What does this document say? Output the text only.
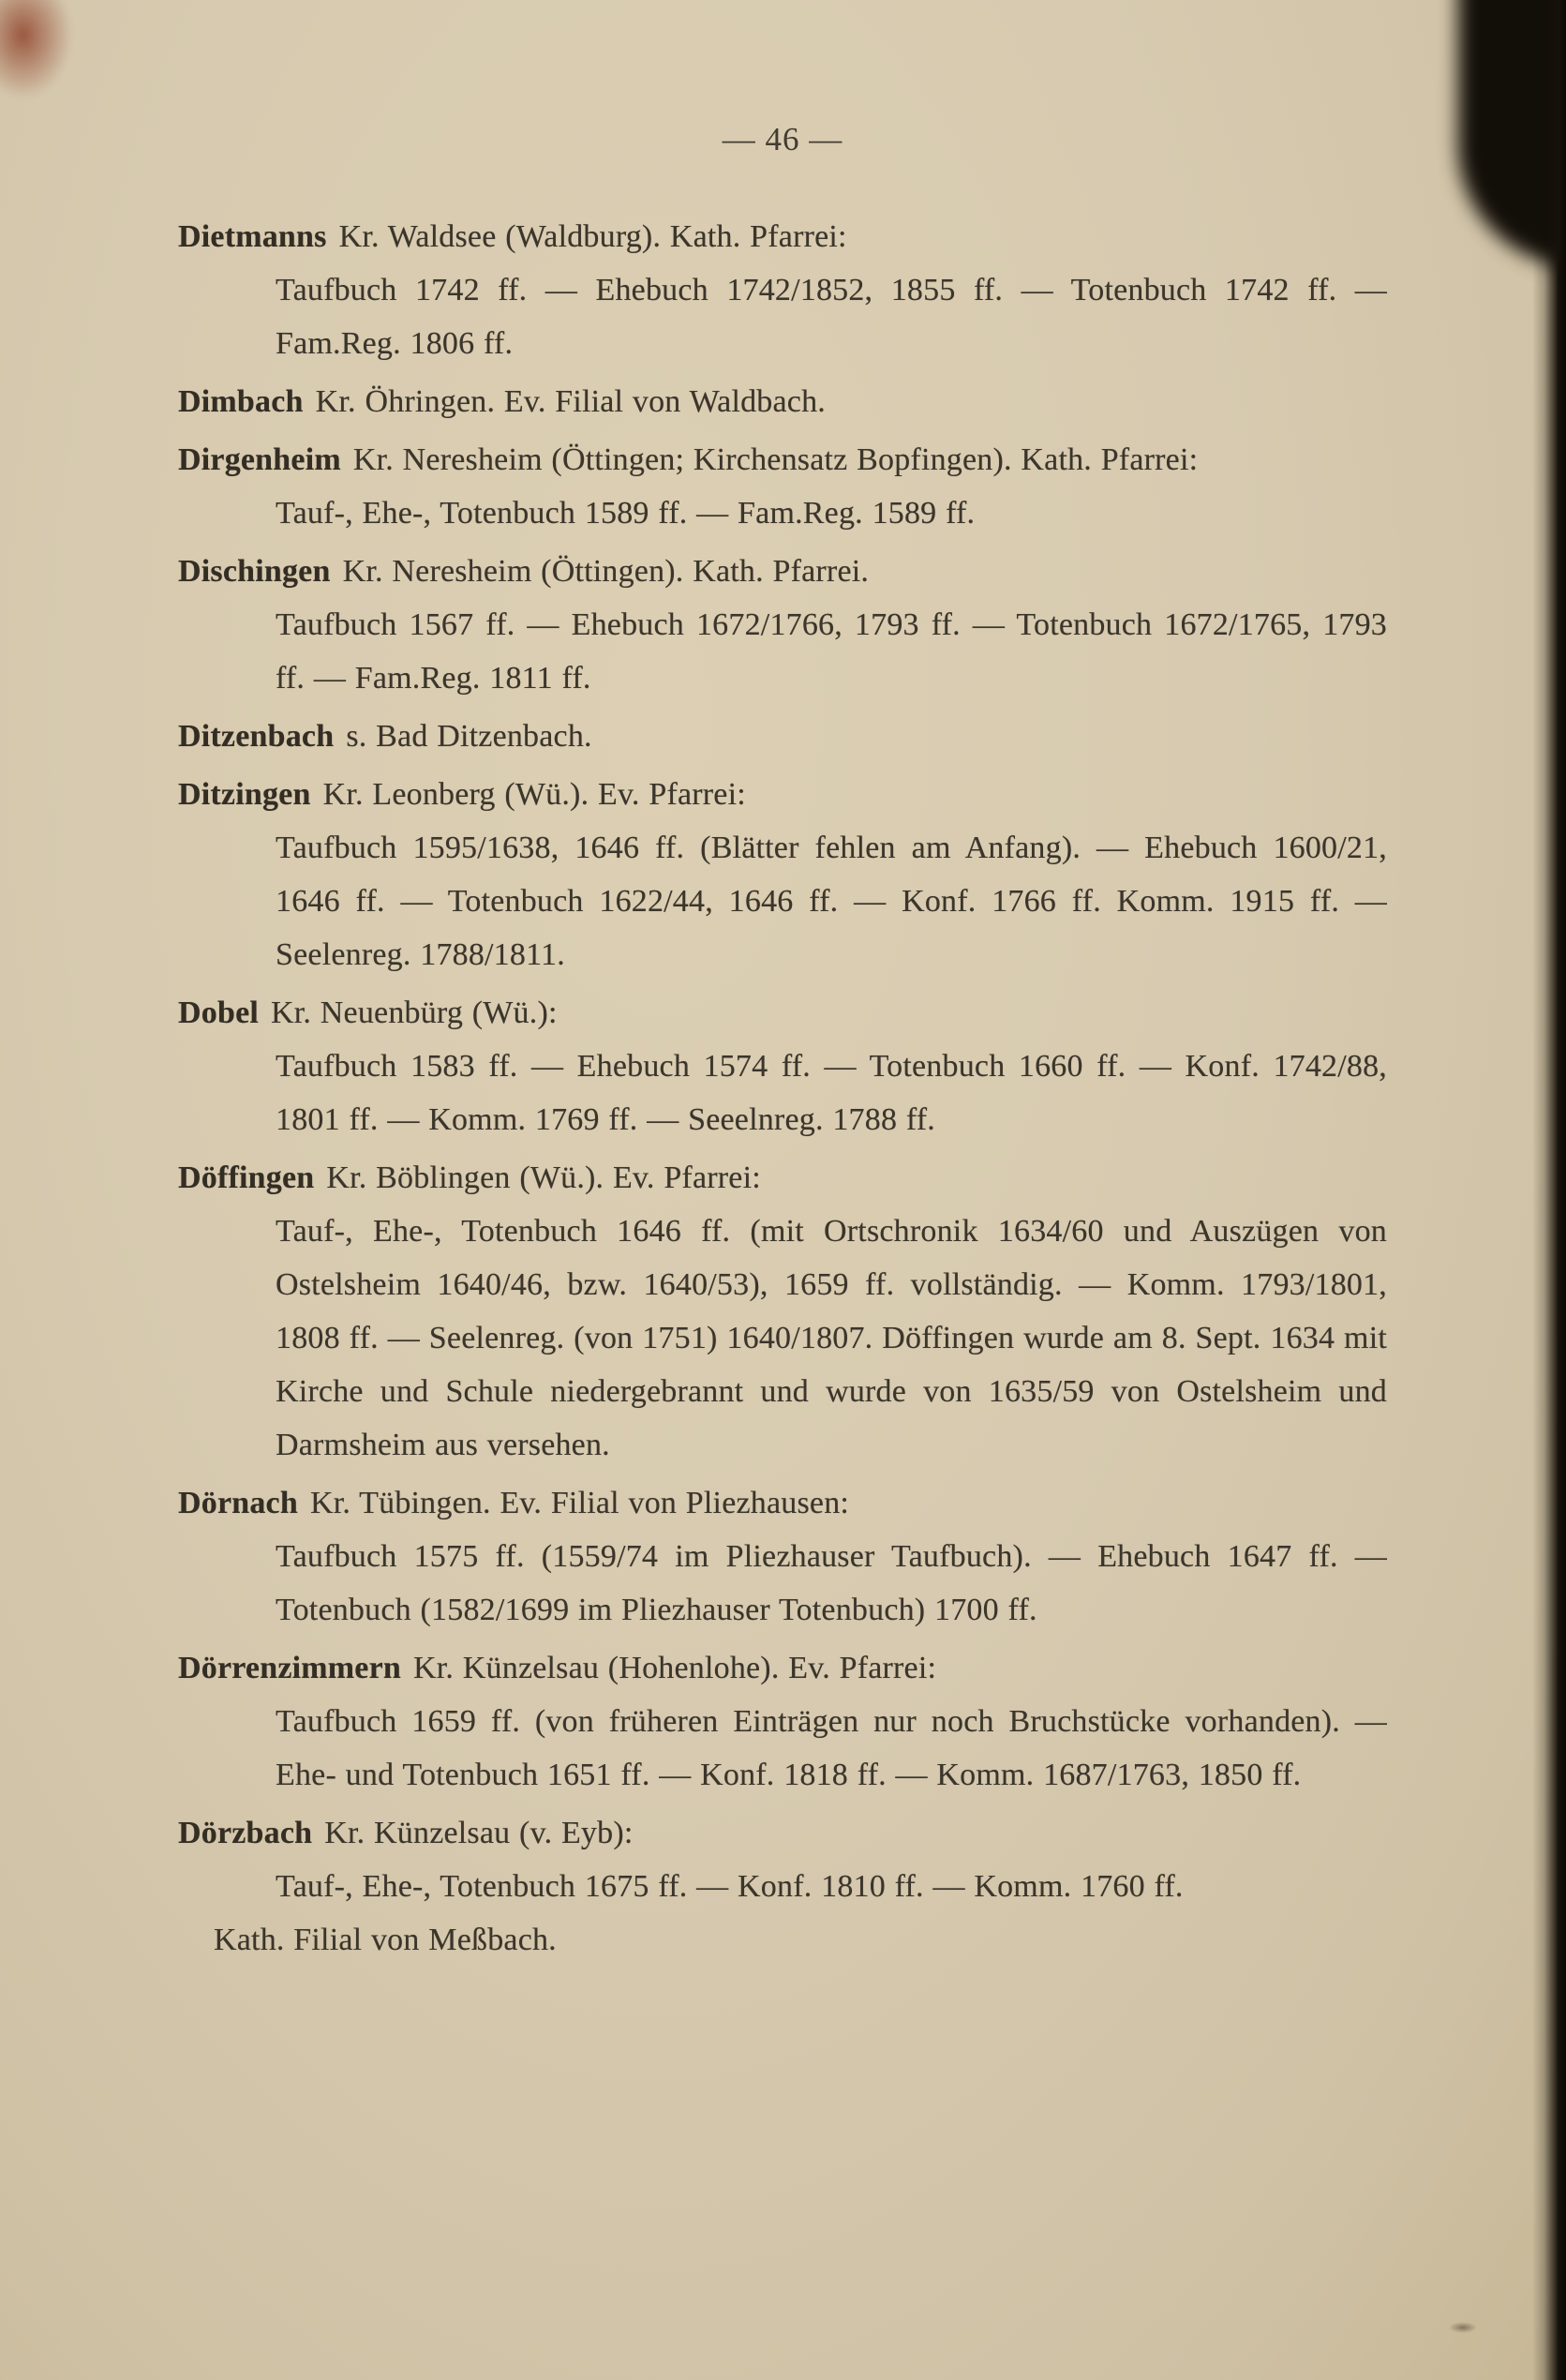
— 46 —

Dietmanns Kr. Waldsee (Waldburg). Kath. Pfarrei:

Taufbuch 1742 ff. — Ehebuch 1742/1852, 1855 ff. — Totenbuch 1742 ff. — Fam.Reg. 1806 ff.

Dimbach Kr. Öhringen. Ev. Filial von Waldbach.

Dirgenheim Kr. Neresheim (Öttingen; Kirchensatz Bopfingen). Kath. Pfarrei:

Tauf-, Ehe-, Totenbuch 1589 ff. — Fam.Reg. 1589 ff.

Dischingen Kr. Neresheim (Öttingen). Kath. Pfarrei.

Taufbuch 1567 ff. — Ehebuch 1672/1766, 1793 ff. — Totenbuch 1672/1765, 1793 ff. — Fam.Reg. 1811 ff.

Ditzenbach s. Bad Ditzenbach.

Ditzingen Kr. Leonberg (Wü.). Ev. Pfarrei:

Taufbuch 1595/1638, 1646 ff. (Blätter fehlen am Anfang). — Ehebuch 1600/21, 1646 ff. — Totenbuch 1622/44, 1646 ff. — Konf. 1766 ff. Komm. 1915 ff. — Seelenreg. 1788/1811.

Dobel Kr. Neuenbürg (Wü.):

Taufbuch 1583 ff. — Ehebuch 1574 ff. — Totenbuch 1660 ff. — Konf. 1742/88, 1801 ff. — Komm. 1769 ff. — Seeelnreg. 1788 ff.

Döffingen Kr. Böblingen (Wü.). Ev. Pfarrei:

Tauf-, Ehe-, Totenbuch 1646 ff. (mit Ortschronik 1634/60 und Auszügen von Ostelsheim 1640/46, bzw. 1640/53), 1659 ff. vollständig. — Komm. 1793/1801, 1808 ff. — Seelenreg. (von 1751) 1640/1807. Döffingen wurde am 8. Sept. 1634 mit Kirche und Schule niedergebrannt und wurde von 1635/59 von Ostelsheim und Darmsheim aus versehen.

Dörnach Kr. Tübingen. Ev. Filial von Pliezhausen:

Taufbuch 1575 ff. (1559/74 im Pliezhauser Taufbuch). — Ehebuch 1647 ff. — Totenbuch (1582/1699 im Pliezhauser Totenbuch) 1700 ff.

Dörrenzimmern Kr. Künzelsau (Hohenlohe). Ev. Pfarrei:

Taufbuch 1659 ff. (von früheren Einträgen nur noch Bruchstücke vorhanden). — Ehe- und Totenbuch 1651 ff. — Konf. 1818 ff. — Komm. 1687/1763, 1850 ff.

Dörzbach Kr. Künzelsau (v. Eyb):

Tauf-, Ehe-, Totenbuch 1675 ff. — Konf. 1810 ff. — Komm. 1760 ff.

Kath. Filial von Meßbach.
